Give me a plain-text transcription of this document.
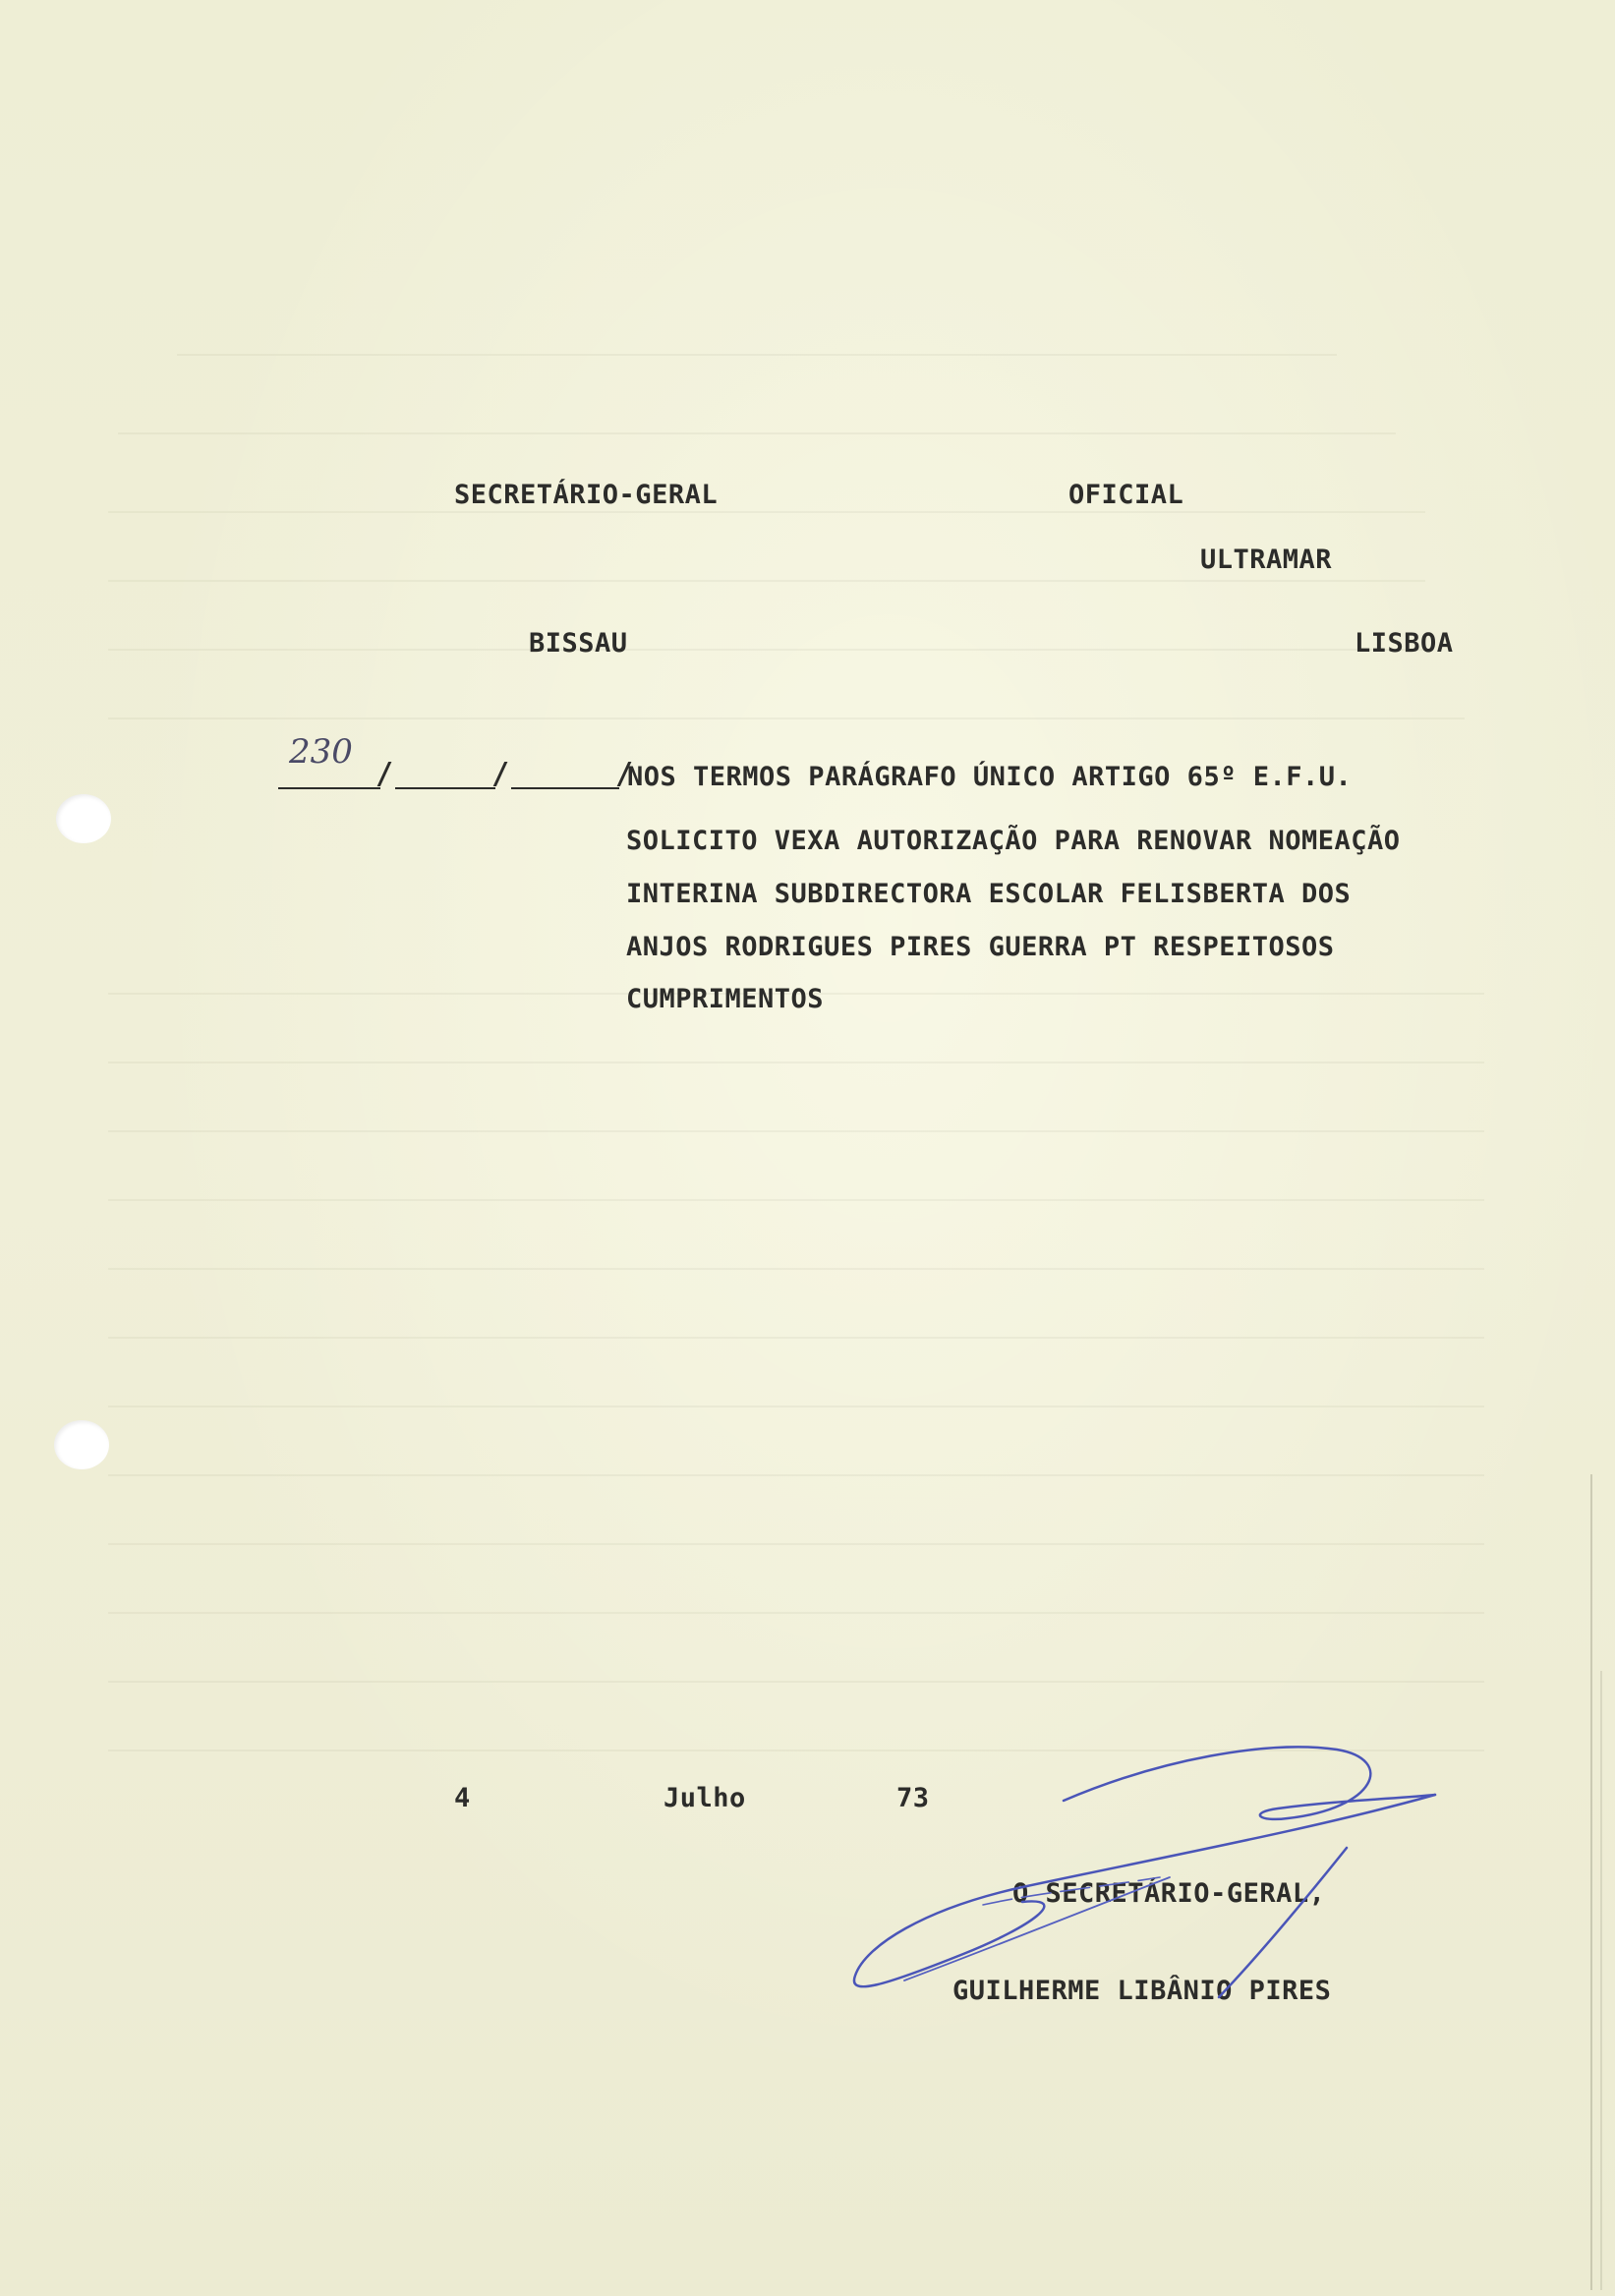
SECRETÁRIO-GERAL	OFICIAL
ULTRAMAR
BISSAU	LISBOA
230
/	/	/
NOS TERMOS PARÁGRAFO ÚNICO ARTIGO 65º E.F.U.
SOLICITO VEXA AUTORIZAÇÃO PARA RENOVAR NOMEAÇÃO
INTERINA SUBDIRECTORA ESCOLAR FELISBERTA DOS
ANJOS RODRIGUES PIRES GUERRA PT RESPEITOSOS
CUMPRIMENTOS
4	Julho	73
O SECRETÁRIO-GERAL,
GUILHERME LIBÂNIO PIRES
